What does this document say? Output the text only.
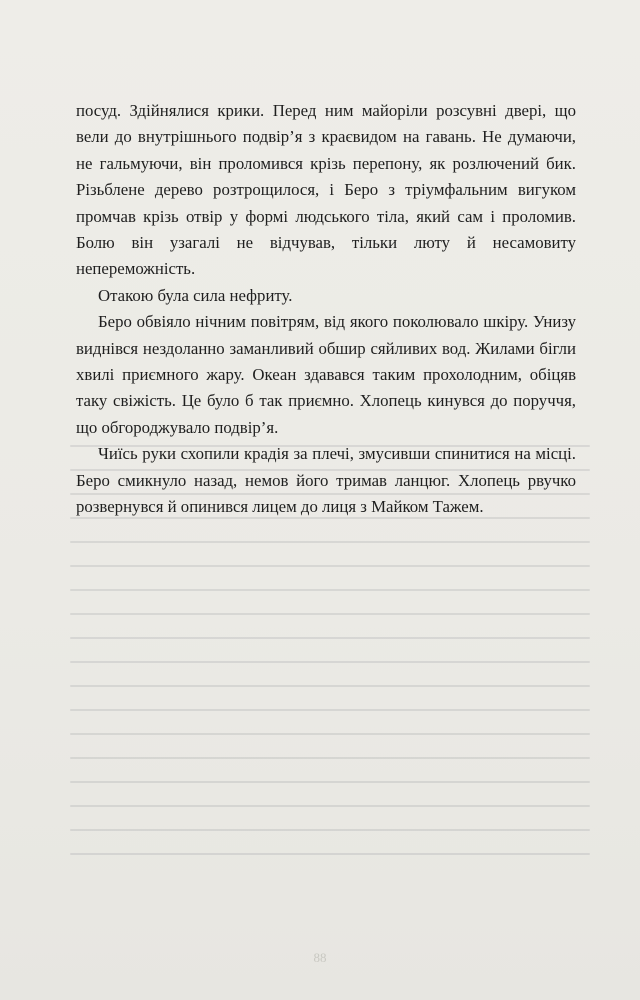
посуд. Здійнялися крики. Перед ним майоріли розсувні двері, що вели до внутрішнього подвір’я з краєвидом на гавань. Не думаючи, не гальмуючи, він проломився крізь перепону, як розлючений бик. Різьблене дерево розтрощилося, і Беро з тріумфальним вигуком промчав крізь отвір у формі людського тіла, який сам і проломив. Болю він узагалі не відчував, тільки люту й несамовиту непереможність.

Отакою була сила нефриту.

Беро обвіяло нічним повітрям, від якого поколювало шкіру. Унизу виднівся нездоланно заманливий обшир сяйливих вод. Жилами бігли хвилі приємного жару. Океан здавався таким прохолодним, обіцяв таку свіжість. Це було б так приємно. Хлопець кинувся до поруччя, що обгороджувало подвір’я.

Чиїсь руки схопили крадія за плечі, змусивши спинитися на місці. Беро смикнуло назад, немов його тримав ланцюг. Хлопець рвучко розвернувся й опинився лицем до лиця з Майком Тажем.

88
